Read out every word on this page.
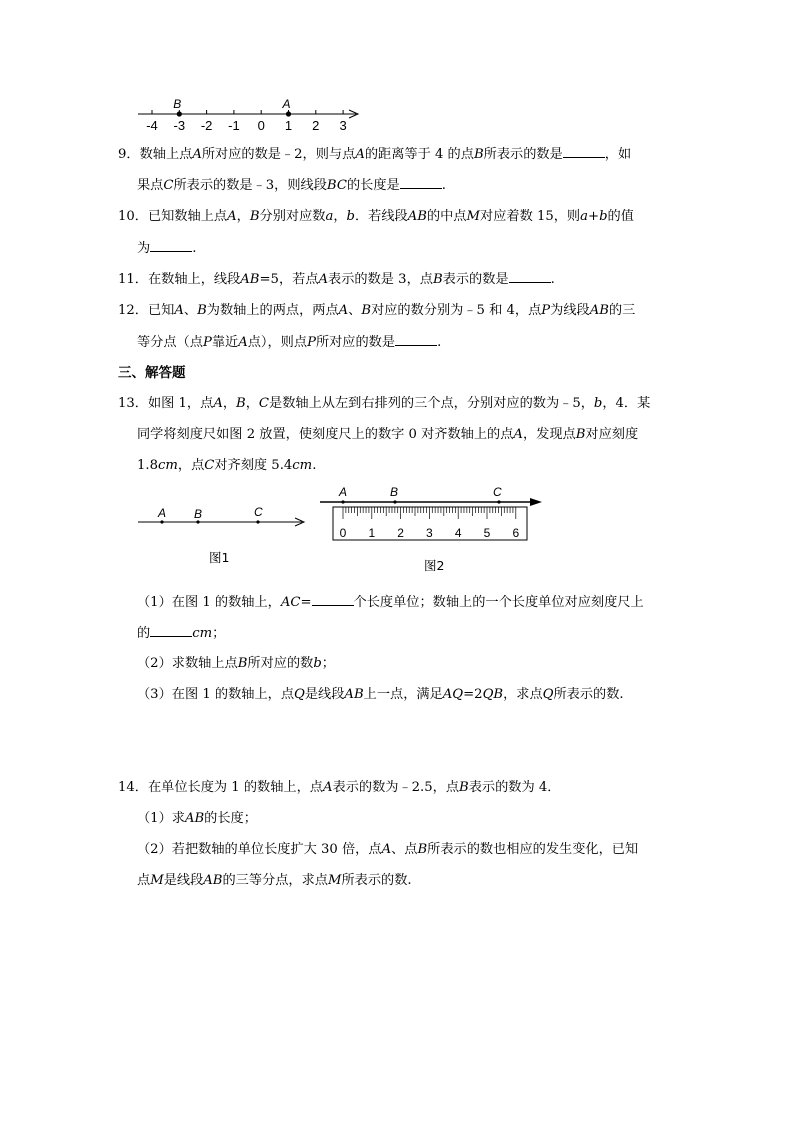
-4 -3 -2 -1 0 1 2 3
B	A
9．数轴上点A所对应的数是﹣2，则与点A的距离等于 4 的点B所表示的数是	，如
果点C所表示的数是﹣3，则线段BC的长度是	.
10．已知数轴上点A，B分别对应数a，b．若线段AB的中点M对应着数 15，则a+b的值
为	.
11．在数轴上，线段AB=5，若点A表示的数是 3，点B表示的数是	.
12．已知A、B为数轴上的两点，两点A、B对应的数分别为﹣5 和 4，点P为线段AB的三
等分点（点P靠近A点），则点P所对应的数是	.
三、解答题
13．如图 1，点A，B，C是数轴上从左到右排列的三个点，分别对应的数为﹣5，b，4．某
同学将刻度尺如图 2 放置，使刻度尺上的数字 0 对齐数轴上的点A，发现点B对应刻度
1.8cm，点C对齐刻度 5.4cm.
A B	C
图1
A	B	C
0 1 2 3 4 5 6
图2
（1）在图 1 的数轴上，AC=	个长度单位；数轴上的一个长度单位对应刻度尺上
的	cm；
（2）求数轴上点B所对应的数b；
（3）在图 1 的数轴上，点Q是线段AB上一点，满足AQ=2QB，求点Q所表示的数.
14．在单位长度为 1 的数轴上，点A表示的数为﹣2.5，点B表示的数为 4．
（1）求AB的长度；
（2）若把数轴的单位长度扩大 30 倍，点A、点B所表示的数也相应的发生变化，已知
点M是线段AB的三等分点，求点M所表示的数.
